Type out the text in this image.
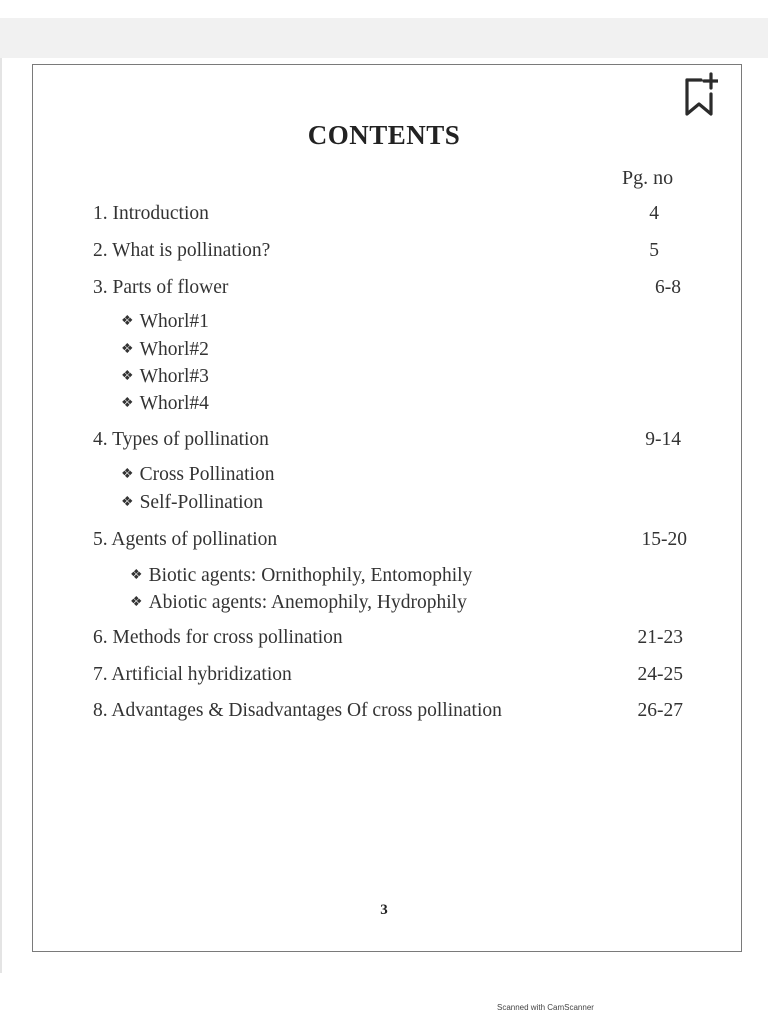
CONTENTS
Pg. no
1. Introduction	4
2. What is pollination?	5
3. Parts of flower	6-8
❖ Whorl#1
❖ Whorl#2
❖ Whorl#3
❖ Whorl#4
4. Types of pollination	9-14
❖ Cross Pollination
❖ Self-Pollination
5. Agents of pollination	15-20
❖ Biotic agents: Ornithophily, Entomophily
❖ Abiotic agents: Anemophily, Hydrophily
6. Methods for cross pollination	21-23
7. Artificial hybridization	24-25
8. Advantages & Disadvantages Of cross pollination	26-27
3
Scanned with CamScanner
